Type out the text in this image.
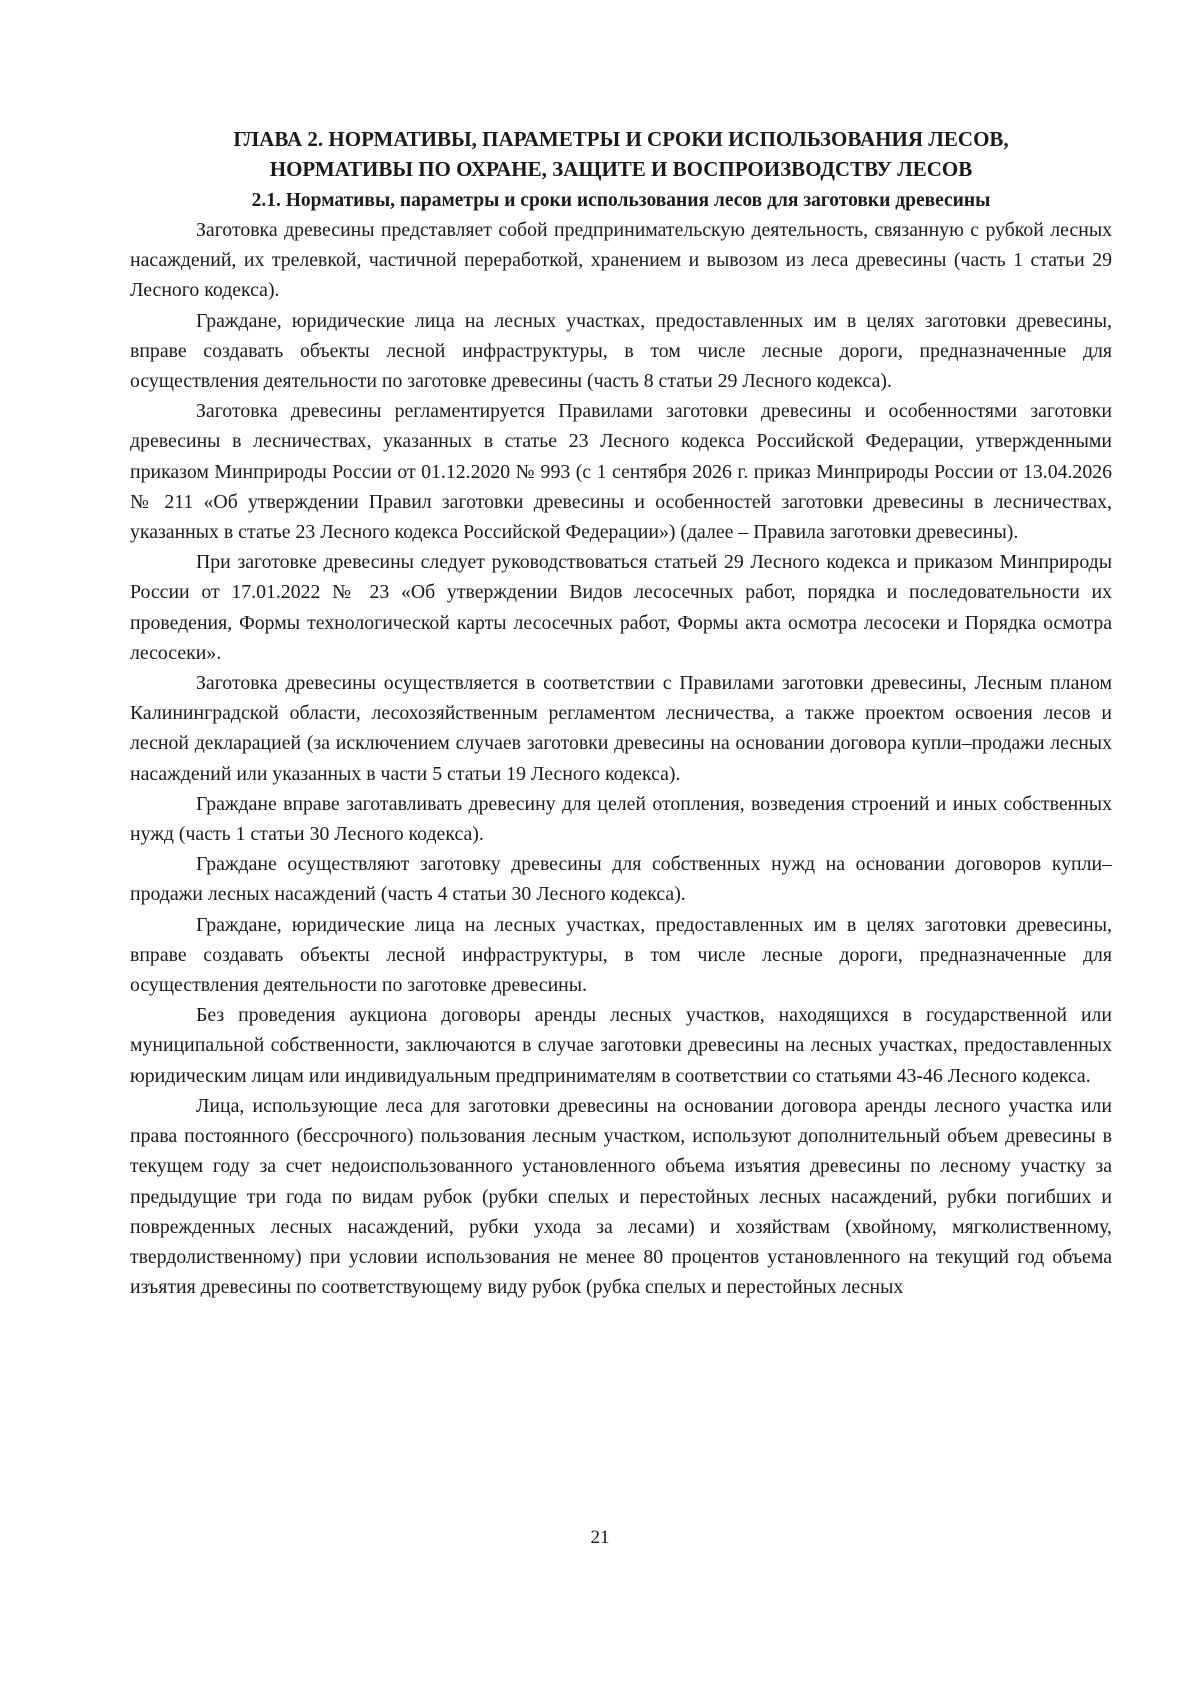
ГЛАВА 2. НОРМАТИВЫ, ПАРАМЕТРЫ И СРОКИ ИСПОЛЬЗОВАНИЯ ЛЕСОВ,
НОРМАТИВЫ ПО ОХРАНЕ, ЗАЩИТЕ И ВОСПРОИЗВОДСТВУ ЛЕСОВ
2.1. Нормативы, параметры и сроки использования лесов для заготовки древесины

Заготовка древесины представляет собой предпринимательскую деятельность, связанную с рубкой лесных насаждений, их трелевкой, частичной переработкой, хранением и вывозом из леса древесины (часть 1 статьи 29 Лесного кодекса).

Граждане, юридические лица на лесных участках, предоставленных им в целях заготовки древесины, вправе создавать объекты лесной инфраструктуры, в том числе лесные дороги, предназначенные для осуществления деятельности по заготовке древесины (часть 8 статьи 29 Лесного кодекса).

Заготовка древесины регламентируется Правилами заготовки древесины и особенностями заготовки древесины в лесничествах, указанных в статье 23 Лесного кодекса Российской Федерации, утвержденными приказом Минприроды России от 01.12.2020 № 993 (с 1 сентября 2026 г. приказ Минприроды России от 13.04.2026 № 211 «Об утверждении Правил заготовки древесины и особенностей заготовки древесины в лесничествах, указанных в статье 23 Лесного кодекса Российской Федерации») (далее – Правила заготовки древесины).

При заготовке древесины следует руководствоваться статьей 29 Лесного кодекса и приказом Минприроды России от 17.01.2022 № 23 «Об утверждении Видов лесосечных работ, порядка и последовательности их проведения, Формы технологической карты лесосечных работ, Формы акта осмотра лесосеки и Порядка осмотра лесосеки».

Заготовка древесины осуществляется в соответствии с Правилами заготовки древесины, Лесным планом Калининградской области, лесохозяйственным регламентом лесничества, а также проектом освоения лесов и лесной декларацией (за исключением случаев заготовки древесины на основании договора купли–продажи лесных насаждений или указанных в части 5 статьи 19 Лесного кодекса).

Граждане вправе заготавливать древесину для целей отопления, возведения строений и иных собственных нужд (часть 1 статьи 30 Лесного кодекса).

Граждане осуществляют заготовку древесины для собственных нужд на основании договоров купли–продажи лесных насаждений (часть 4 статьи 30 Лесного кодекса).

Граждане, юридические лица на лесных участках, предоставленных им в целях заготовки древесины, вправе создавать объекты лесной инфраструктуры, в том числе лесные дороги, предназначенные для осуществления деятельности по заготовке древесины.

Без проведения аукциона договоры аренды лесных участков, находящихся в государственной или муниципальной собственности, заключаются в случае заготовки древесины на лесных участках, предоставленных юридическим лицам или индивидуальным предпринимателям в соответствии со статьями 43-46 Лесного кодекса.

Лица, использующие леса для заготовки древесины на основании договора аренды лесного участка или права постоянного (бессрочного) пользования лесным участком, используют дополнительный объем древесины в текущем году за счет недоиспользованного установленного объема изъятия древесины по лесному участку за предыдущие три года по видам рубок (рубки спелых и перестойных лесных насаждений, рубки погибших и поврежденных лесных насаждений, рубки ухода за лесами) и хозяйствам (хвойному, мягколиственному, твердолиственному) при условии использования не менее 80 процентов установленного на текущий год объема изъятия древесины по соответствующему виду рубок (рубка спелых и перестойных лесных

21
